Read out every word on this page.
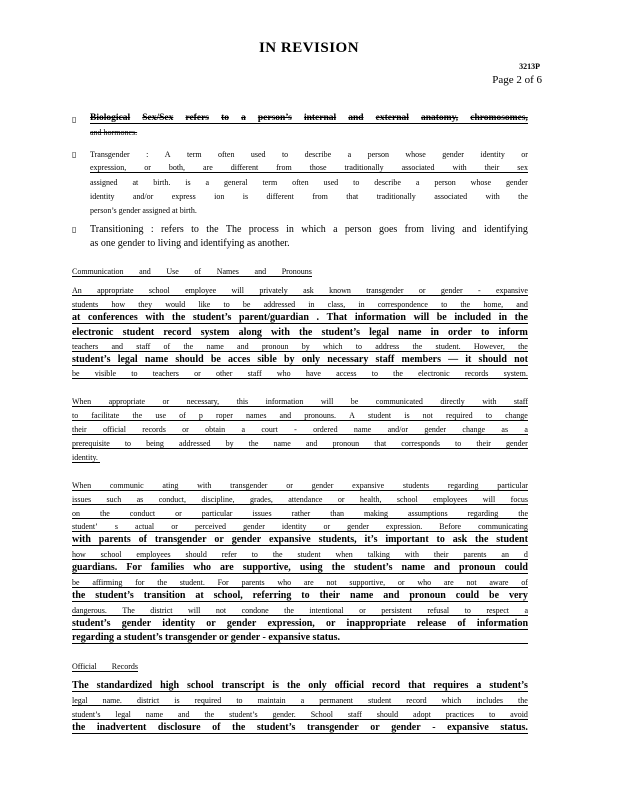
IN REVISION
3213P
Page 2 of 6
▯
▯
▯
Biological Sex/Sex refers to a person’s internal and external anatomy, chromosomes,
and hormones.
Transgender : A term often used to describe a person whose gender identity or
expression, or both, are different from those traditionally associated with their sex
assigned at birth. is a general term often used to describe a person whose gender
identity and/or express ion is different from that traditionally associated with the
person’s gender assigned at birth.
Transitioning : refers to the The process in which a person goes from living and identifying
as one gender to living and identifying as another.
Communication and Use of Names and Pronouns
An appropriate school employee will privately ask known transgender or gender - expansive
students how they would like to be addressed in class, in correspondence to the home, and
at conferences with the student’s parent/guardian . That information will be included in the
electronic student record system along with the student’s legal name in order to inform
teachers and staff of the name and pronoun by which to address the student. However, the
student’s legal name should be acces sible by only necessary staff members — it should not
be visible to teachers or other staff who have access to the electronic records system.
When appropriate or necessary, this information will be communicated directly with staff
to facilitate the use of p roper names and pronouns. A student is not required to change
their official records or obtain a court - ordered name and/or gender change as a
prerequisite to being addressed by the name and pronoun that corresponds to their gender
identity.
When communic ating with transgender or gender expansive students regarding particular
issues such as conduct, discipline, grades, attendance or health, school employees will focus
on	the	conduct	or	particular	issues	rather	than	making	assumptions	regarding	the
student’ s actual or perceived gender identity or gender expression. Before communicating
with parents of transgender or gender expansive students, it’s important to ask the student
how school employees should refer to the student when talking with their parents an d
guardians. For families who are supportive, using the student’s name and pronoun could
be affirming for the student. For parents who are not supportive, or who are not aware of
the student’s transition at school, referring to their name and pronoun could be very
dangerous. The district will not condone the intentional or persistent refusal to respect a
student’s gender identity or gender expression, or inappropriate release of information
regarding a student’s transgender or gender - expansive status.
Official Records
The standardized high school transcript is the only official record that requires a student’s
legal name. district is required to maintain a permanent student record which includes the
student’s legal name and the student’s gender. School staff should adopt practices to avoid
the inadvertent disclosure of the student’s transgender or gender - expansive status.
